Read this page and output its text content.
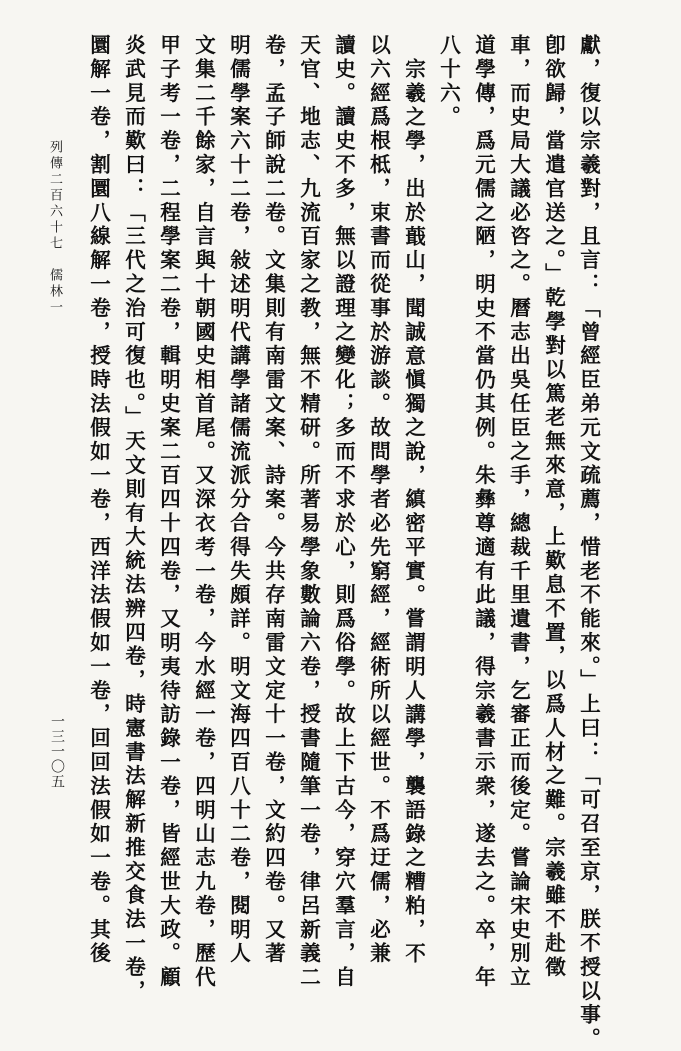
獻，復以宗羲對，且言：「曾經臣弟元文疏薦，惜老不能來。」上曰：「可召至京，朕不授以事。
卽欲歸，當遣官送之。」乾學對以篤老無來意，上歎息不置，以爲人材之難。宗羲雖不赴徵
車，而史局大議必咨之。曆志出吳任臣之手，總裁千里遺書，乞審正而後定。嘗論宋史別立
道學傳，爲元儒之陋，明史不當仍其例。朱彝尊適有此議，得宗羲書示衆，遂去之。卒，年
八十六。
宗羲之學，出於蕺山，聞誠意愼獨之說，縝密平實。嘗謂明人講學，襲語錄之糟粕，不
以六經爲根柢，束書而從事於游談。故問學者必先窮經，經術所以經世。不爲迂儒，必兼
讀史。讀史不多，無以證理之變化；多而不求於心，則爲俗學。故上下古今，穿穴羣言，自
天官、地志、九流百家之教，無不精研。所著易學象數論六卷，授書隨筆一卷，律呂新義二
卷，孟子師說二卷。文集則有南雷文案、詩案。今共存南雷文定十一卷，文約四卷。又著
明儒學案六十二卷，敍述明代講學諸儒流派分合得失頗詳。明文海四百八十二卷，閱明人
文集二千餘家，自言與十朝國史相首尾。又深衣考一卷，今水經一卷，四明山志九卷，歷代
甲子考一卷，二程學案二卷，輯明史案二百四十四卷，又明夷待訪錄一卷，皆經世大政。顧
炎武見而歎曰：「三代之治可復也。」天文則有大統法辨四卷，時憲書法解新推交食法一卷，
圜解一卷，割圜八線解一卷，授時法假如一卷，西洋法假如一卷，回回法假如一卷。其後
列傳二百六十七　儒林一
一三一〇五
